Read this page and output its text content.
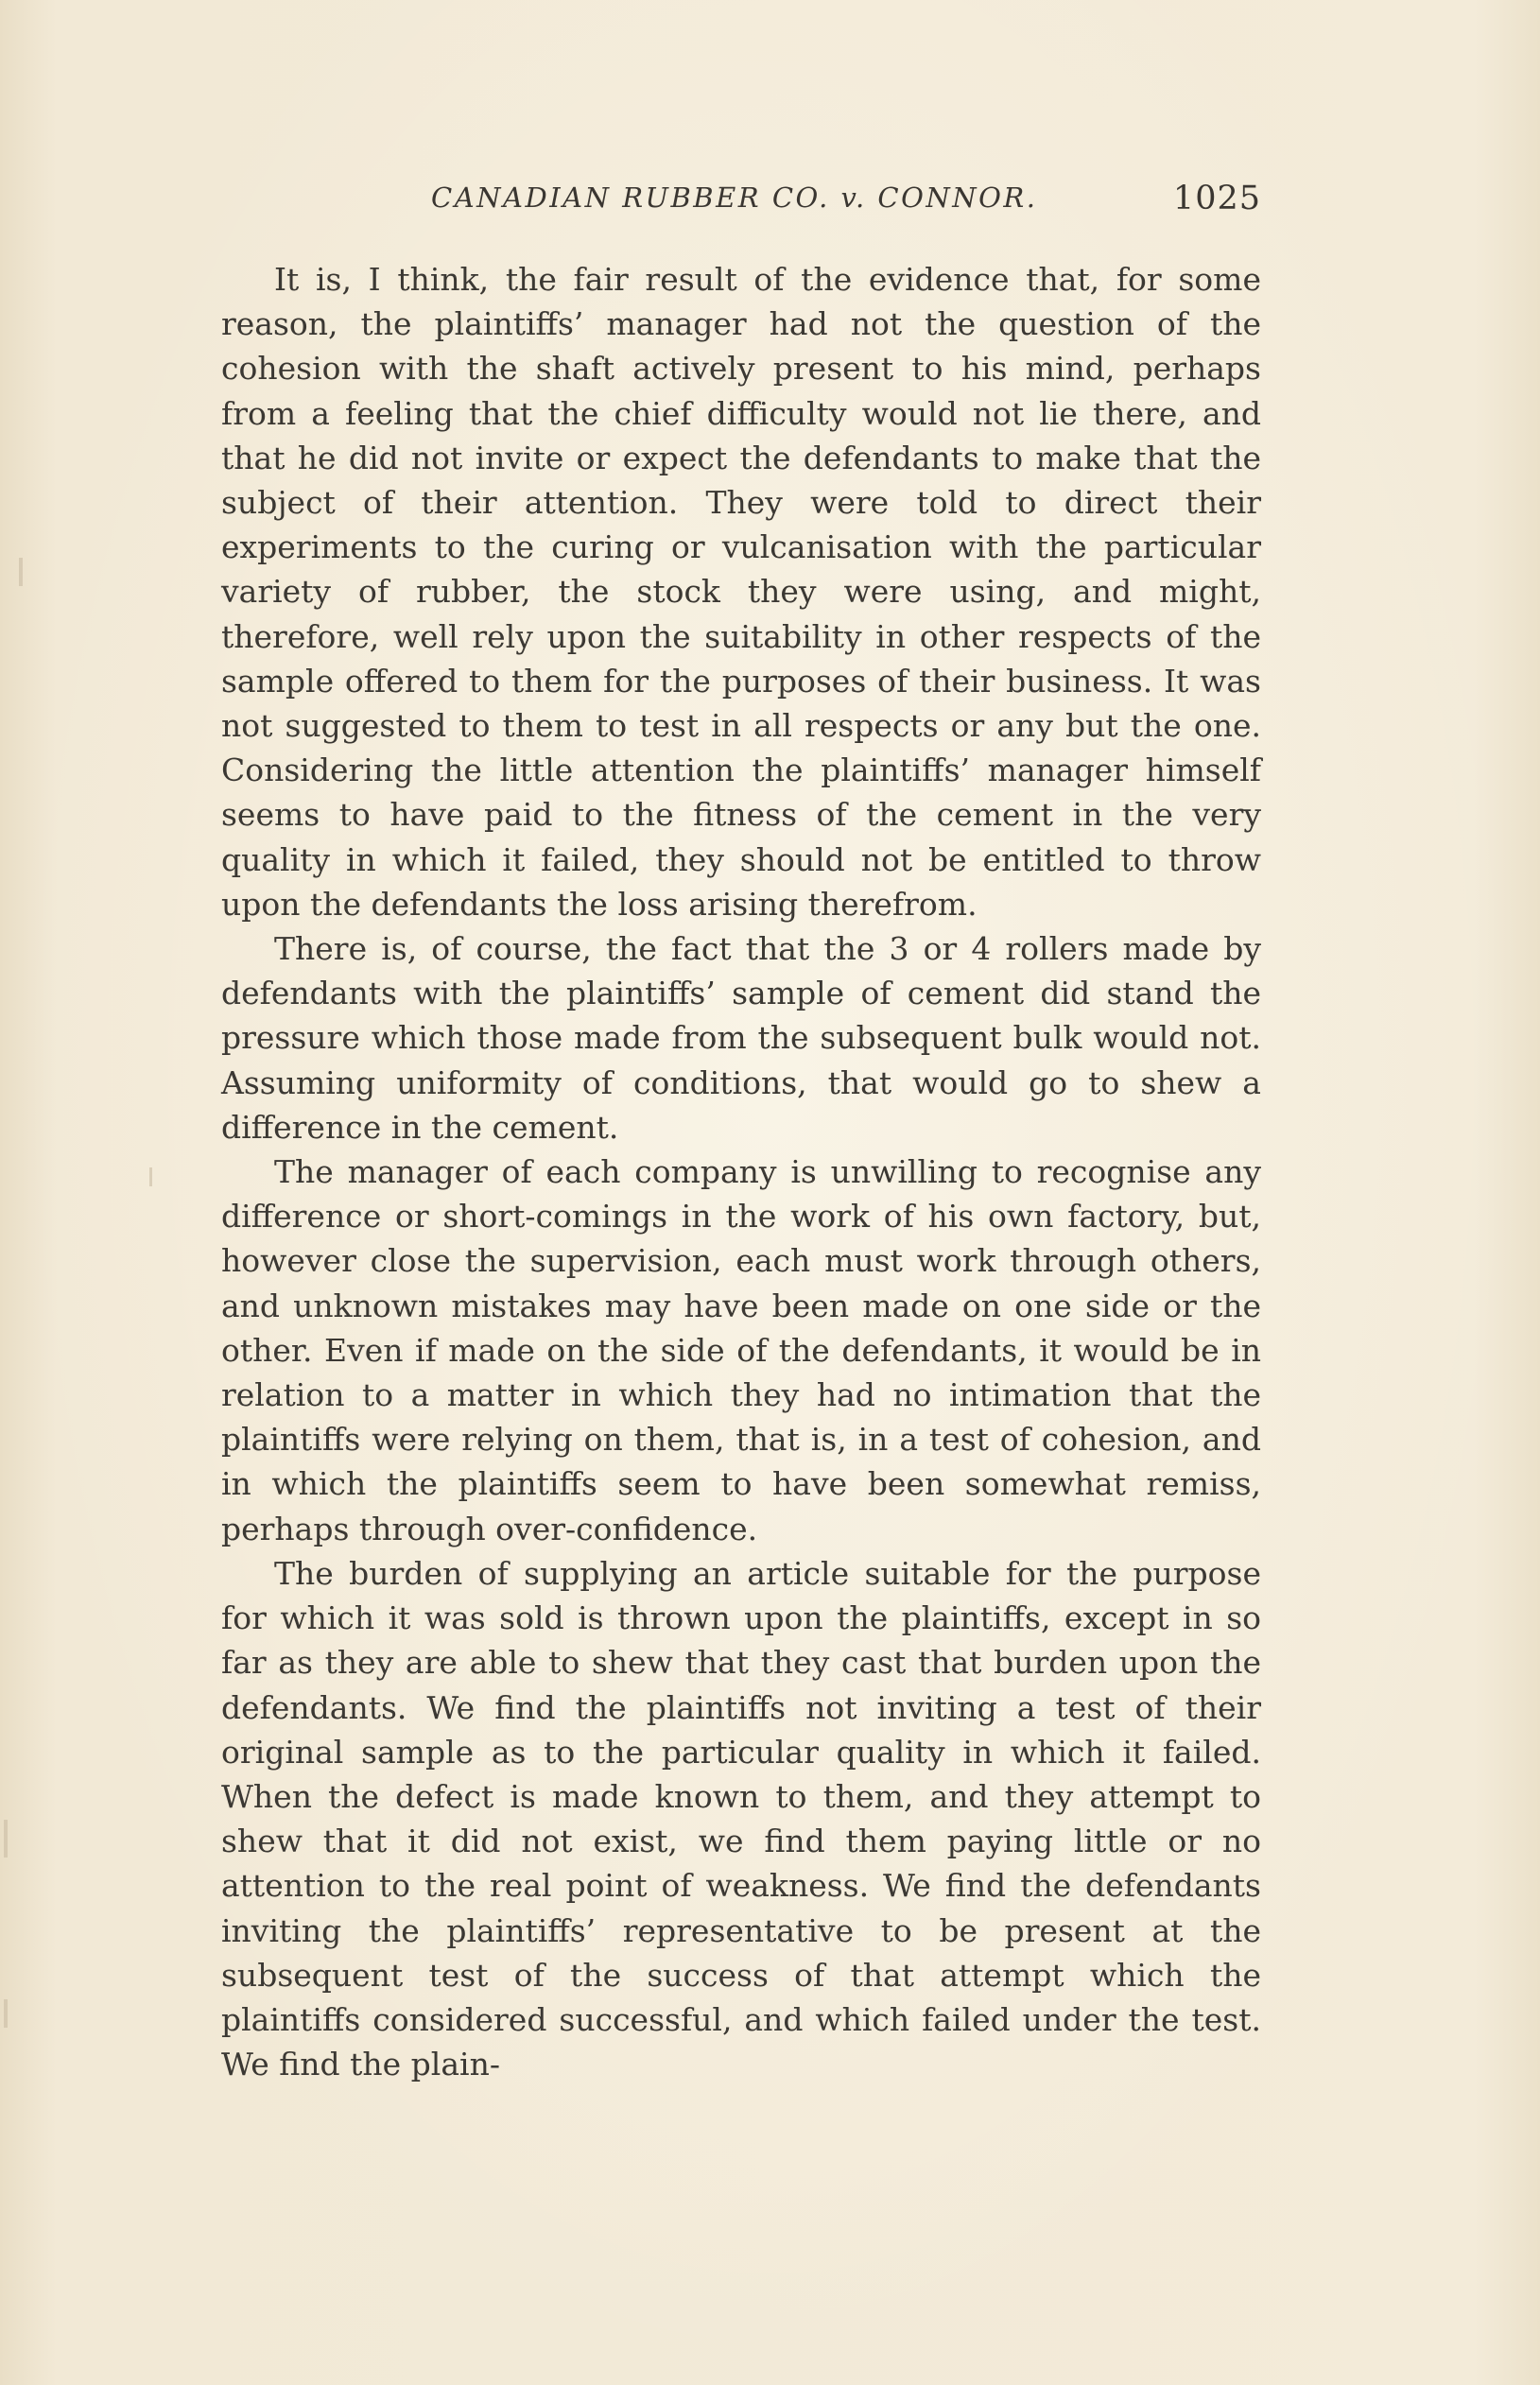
CANADIAN RUBBER CO. v. CONNOR.	1025

It is, I think, the fair result of the evidence that, for some reason, the plaintiffs’ manager had not the question of the cohesion with the shaft actively present to his mind, perhaps from a feeling that the chief difficulty would not lie there, and that he did not invite or expect the defendants to make that the subject of their attention. They were told to direct their experiments to the curing or vulcanisation with the particular variety of rubber, the stock they were using, and might, therefore, well rely upon the suitability in other respects of the sample offered to them for the purposes of their business. It was not suggested to them to test in all respects or any but the one. Considering the little attention the plaintiffs’ manager himself seems to have paid to the fitness of the cement in the very quality in which it failed, they should not be entitled to throw upon the defendants the loss arising therefrom.

There is, of course, the fact that the 3 or 4 rollers made by defendants with the plaintiffs’ sample of cement did stand the pressure which those made from the subsequent bulk would not. Assuming uniformity of conditions, that would go to shew a difference in the cement.

The manager of each company is unwilling to recognise any difference or short-comings in the work of his own factory, but, however close the supervision, each must work through others, and unknown mistakes may have been made on one side or the other. Even if made on the side of the defendants, it would be in relation to a matter in which they had no intimation that the plaintiffs were relying on them, that is, in a test of cohesion, and in which the plaintiffs seem to have been somewhat remiss, perhaps through over-confidence.

The burden of supplying an article suitable for the purpose for which it was sold is thrown upon the plaintiffs, except in so far as they are able to shew that they cast that burden upon the defendants. We find the plaintiffs not inviting a test of their original sample as to the particular quality in which it failed. When the defect is made known to them, and they attempt to shew that it did not exist, we find them paying little or no attention to the real point of weakness. We find the defendants inviting the plaintiffs’ representative to be present at the subsequent test of the success of that attempt which the plaintiffs considered successful, and which failed under the test. We find the plain-
